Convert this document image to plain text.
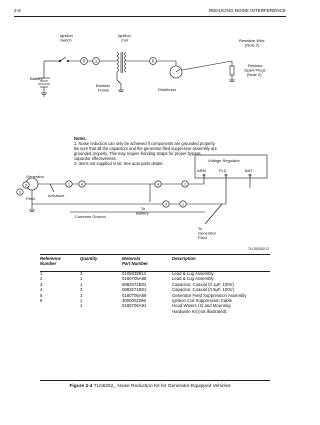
2-6	REDUCING NOISE INTERFERENCE
5 1	6
Ignition Switch
Battery
Ignition Coil
Breaker Points	Distributor
Resistive Wire (Note 2)
Resistor Spark Plugs (Note 2)
Notes:
1. Noise reduction can only be achieved if components are grounded properly.
Be sure that all the capacitors and the generator filed suppressor assembly are
grounded properly. This may require bonding straps for proper bypass
capacitor effectiveness.
2. Items not supplied in kit. See auto parts dealer.
2
3
1	4	4	1
4	1
Voltage Regulator
ARM	FLD	BAT
Generator
Armature
Field
Common Ground
To Battery
To Generator Field
TLG00052-O
Reference
Number	Quantity	Motorola
Part Number	Description

1	3	0105839913	Lead & Lug Assembly
2	1	0180706A88	Lead & Lug Assembly
3	1	0882571B02	Capacitor, Coaxial (0.1µF, 100V)
4	3	0882571B01	Capacitor, Coaxial (0.5µF, 100V)
5	1	0180706A89	Generator Field Suppression Assembly
6	1	3000002296	Ignition Coil Suppression Cable
	1	0180706A91	Hood Wipers (2) and Mounting
Hardware Kit (not illustrated).
Figure 2-4 TLN6252_ Noise Reduction Kit for Generator-Equipped Vehicles
